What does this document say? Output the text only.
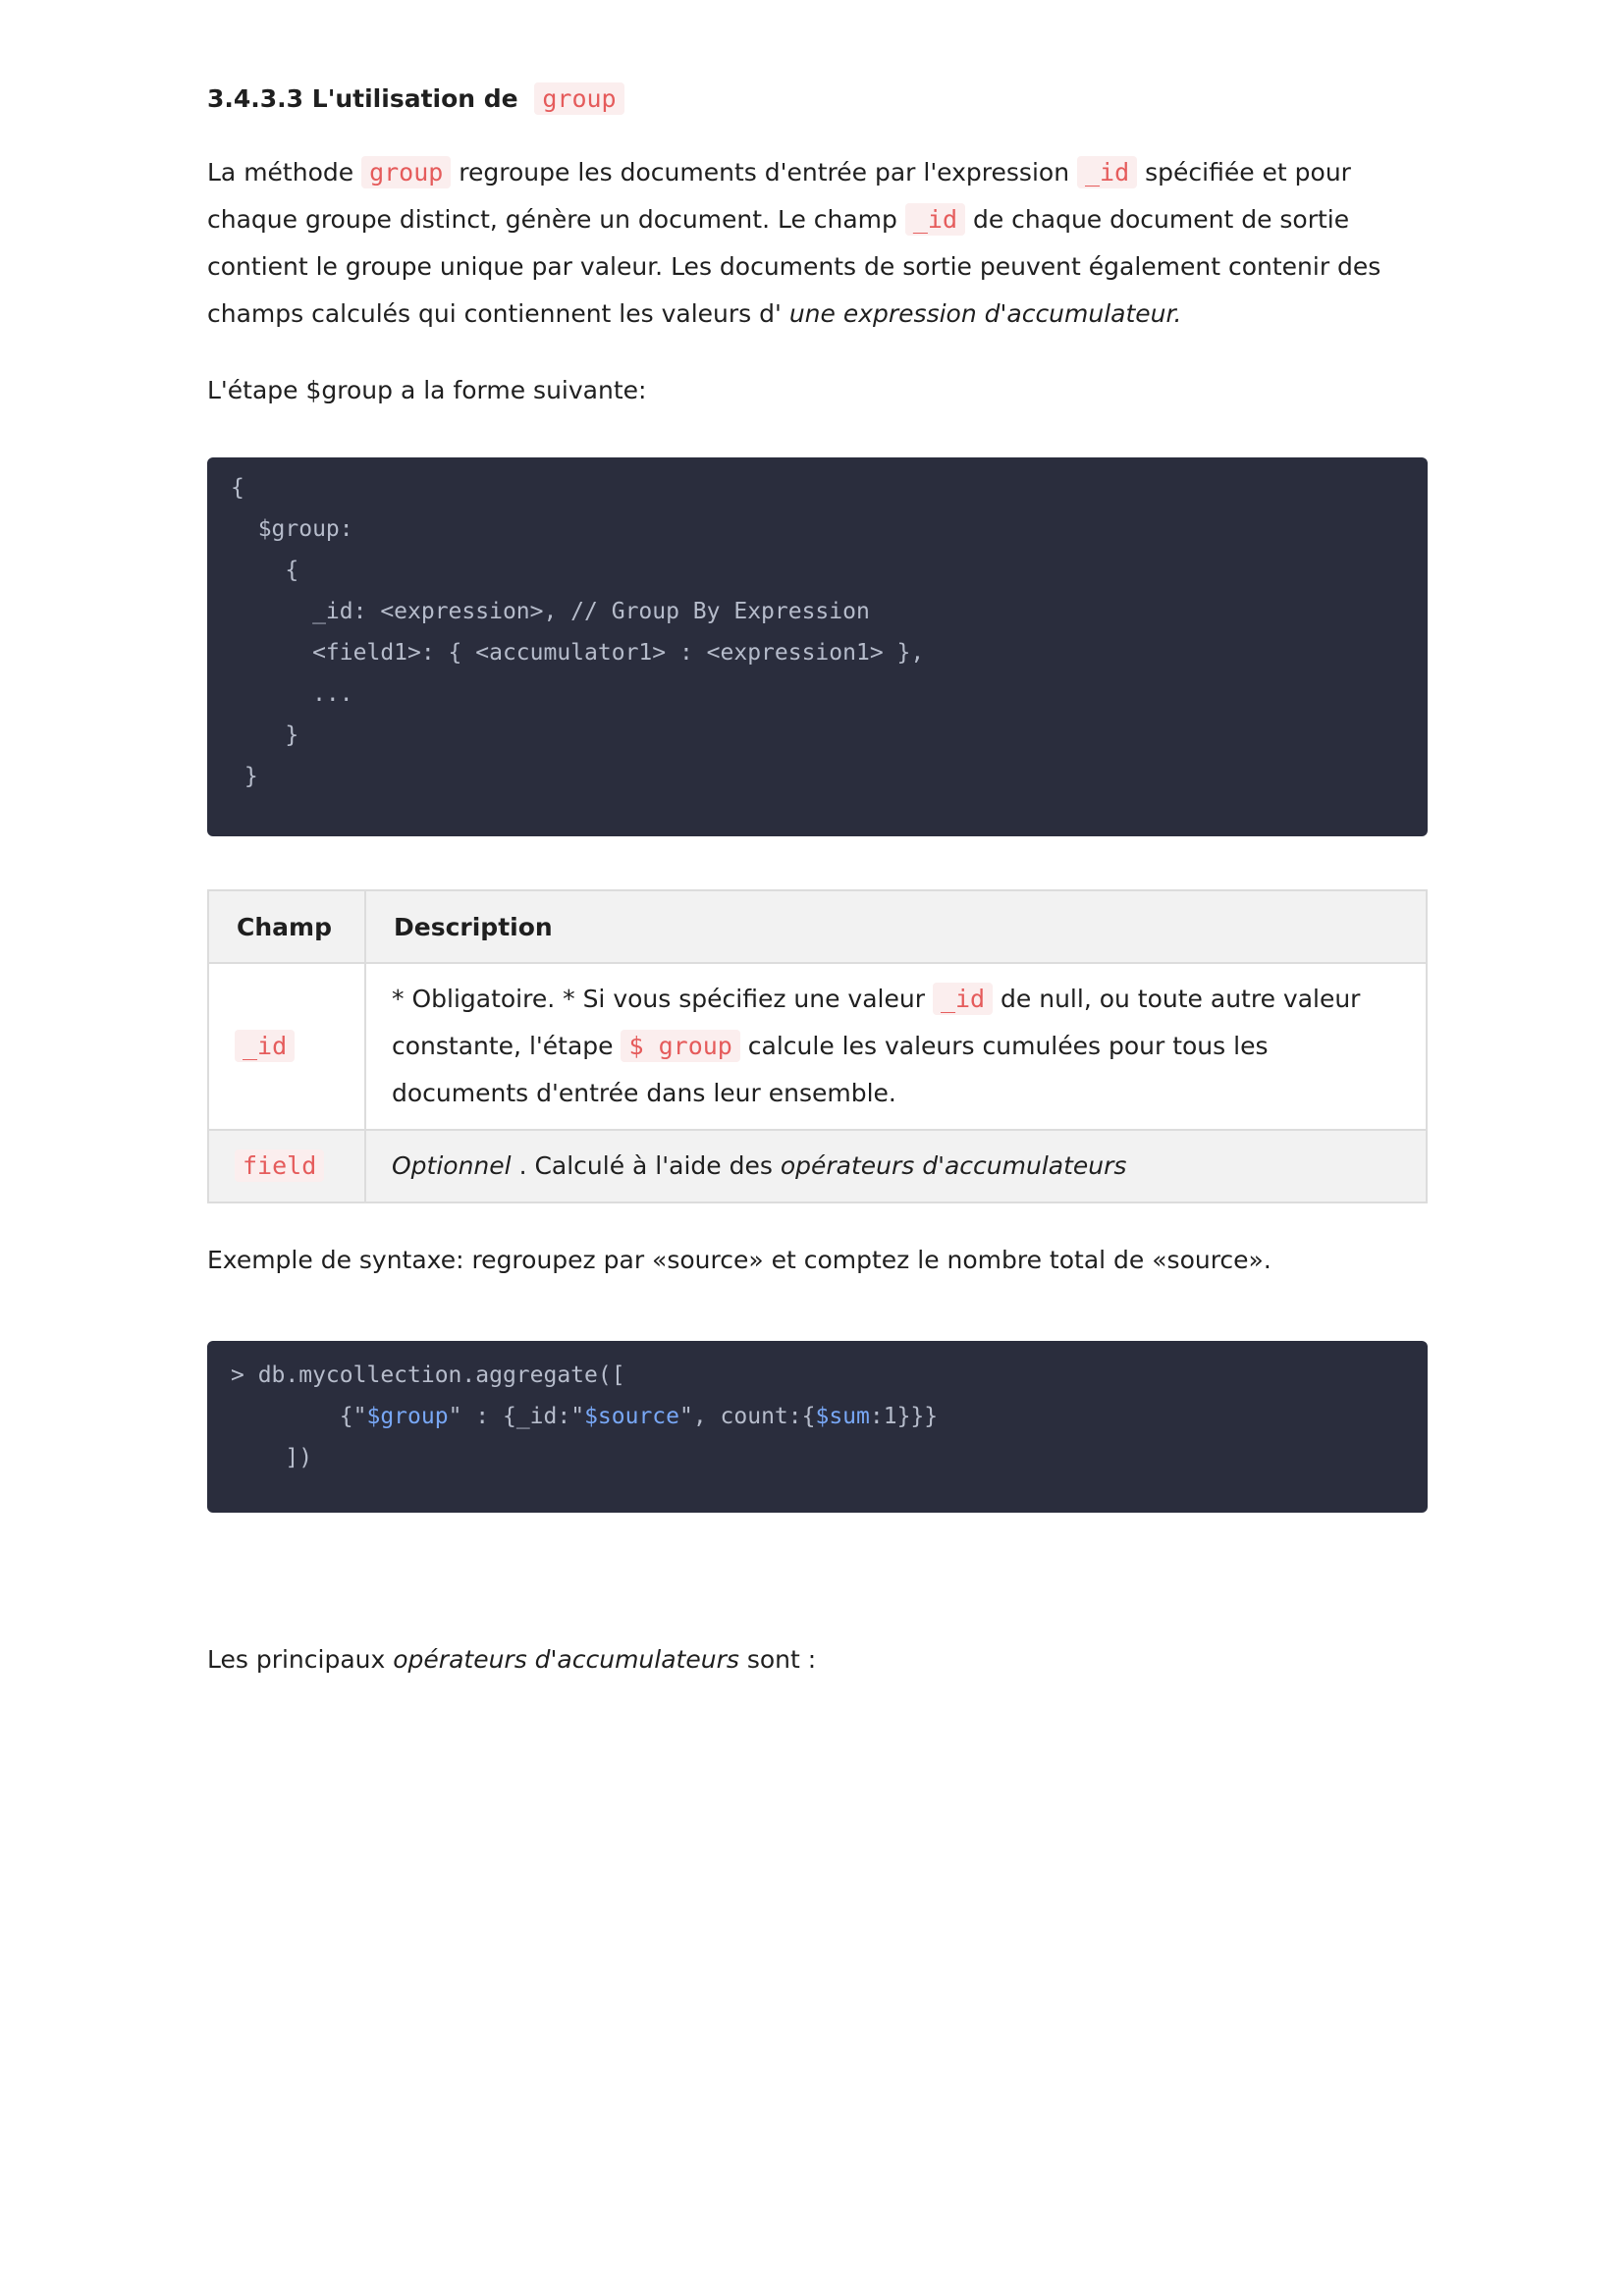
3.4.3.3 L'utilisation de group

La méthode group regroupe les documents d'entrée par l'expression _id spécifiée et pour chaque groupe distinct, génère un document. Le champ _id de chaque document de sortie contient le groupe unique par valeur. Les documents de sortie peuvent également contenir des champs calculés qui contiennent les valeurs d' une expression d'accumulateur.

L'étape $group a la forme suivante:

{
$group:
{
_id: <expression>, // Group By Expression
<field1>: { <accumulator1> : <expression1> },
...
}
}
Champ	Description
_id	* Obligatoire. * Si vous spécifiez une valeur _id de null, ou toute autre valeur constante, l'étape $ group calcule les valeurs cumulées pour tous les documents d'entrée dans leur ensemble.
field	Optionnel . Calculé à l'aide des opérateurs d'accumulateurs

Exemple de syntaxe: regroupez par «source» et comptez le nombre total de «source».

> db.mycollection.aggregate([
{"$group" : {_id:"$source", count:{$sum:1}}}
])

Les principaux opérateurs d'accumulateurs sont :
